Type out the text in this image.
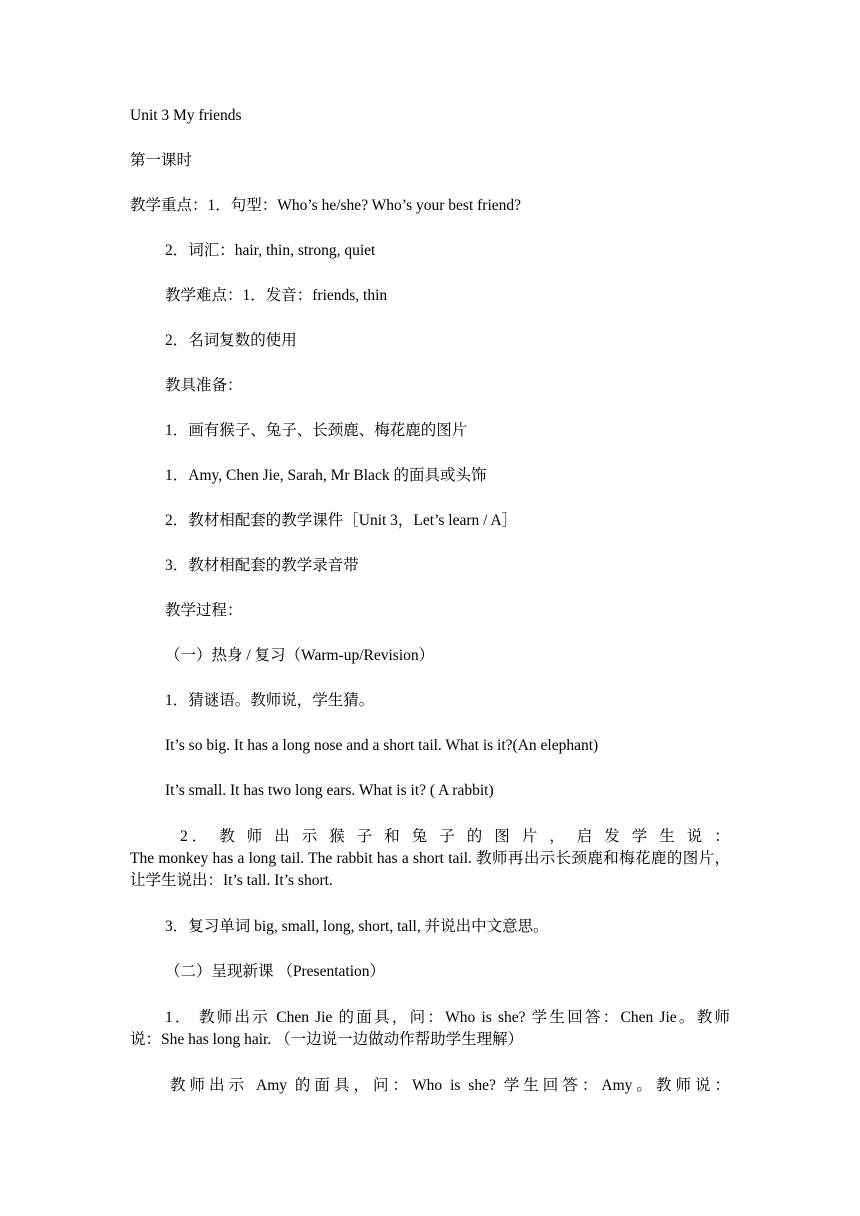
Unit 3 My friends
第一课时
教学重点：1．句型：Who’s he/she? Who’s your best friend?
2．词汇：hair, thin, strong, quiet
教学难点：1．发音：friends, thin
2．名词复数的使用
教具准备：
1．画有猴子、兔子、长颈鹿、梅花鹿的图片
1．Amy, Chen Jie, Sarah, Mr Black 的面具或头饰
2．教材相配套的教学课件［Unit 3，Let’s learn / A］
3．教材相配套的教学录音带
教学过程：
（一）热身 / 复习（Warm-up/Revision）
1．猜谜语。教师说，学生猜。
It’s so big. It has a long nose and a short tail. What is it?(An elephant)
It’s small. It has two long ears. What is it? ( A rabbit)
2． 教 师 出 示 猴 子 和 兔 子 的 图 片 ， 启 发 学 生 说 ：
The monkey has a long tail. The rabbit has a short tail. 教师再出示长颈鹿和梅花鹿的图片，让学生说出：It’s tall. It’s short.
3．复习单词 big, small, long, short, tall, 并说出中文意思。
（二）呈现新课 （Presentation）
1． 教师出示 Chen Jie 的面具，问：Who is she? 学生回答：Chen Jie。教师
说：She has long hair. （一边说一边做动作帮助学生理解）
教师出示 Amy 的面具，问：Who is she? 学生回答：Amy。教师说：
